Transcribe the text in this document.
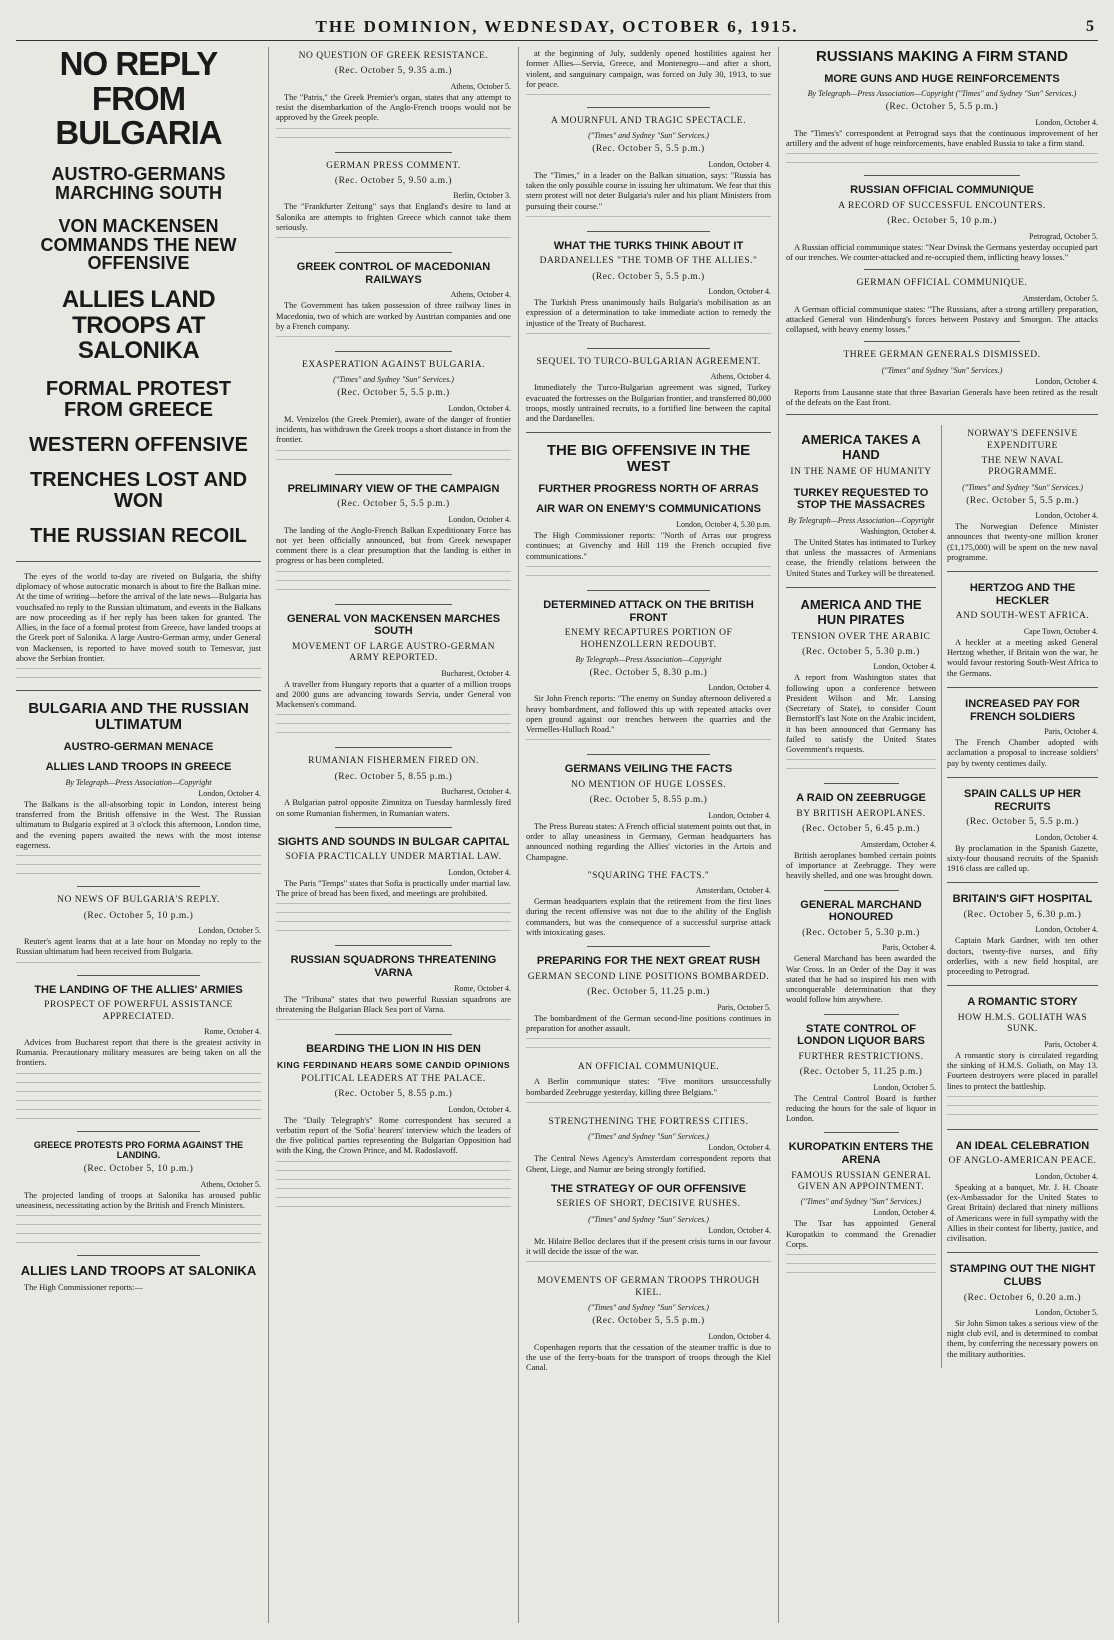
THE DOMINION, WEDNESDAY, OCTOBER 6, 1915.	5
NO REPLY FROM BULGARIA
AUSTRO-GERMANS MARCHING SOUTH
VON MACKENSEN COMMANDS THE NEW OFFENSIVE
ALLIES LAND TROOPS AT SALONIKA
FORMAL PROTEST FROM GREECE
WESTERN OFFENSIVE
TRENCHES LOST AND WON
THE RUSSIAN RECOIL

The eyes of the world to-day are riveted on Bulgaria, the shifty diplomacy of whose autocratic monarch is about to fire the Balkan mine. At the time of writing—before the arrival of the late news—Bulgaria has vouchsafed no reply to the Russian ultimatum, and events in the Balkans are now proceeding as if her reply has been taken for granted. The Allies, in the face of a formal protest from Greece, have landed troops at the Greek port of Salonika. A large Austro-German army, under General von Mackensen, is reported to have moved south to Temesvar, just above the Serbian frontier.

BULGARIA AND THE RUSSIAN ULTIMATUM
AUSTRO-GERMAN MENACE
ALLIES LAND TROOPS IN GREECE
By Telegraph—Press Association—Copyright
London, October 4.

The Balkans is the all-absorbing topic in London, interest being transferred from the British offensive in the West. The Russian ultimatum to Bulgaria expired at 3 o'clock this afternoon, London time, and the evening papers awaited the news with the most intense eagerness.

NO NEWS OF BULGARIA'S REPLY.
(Rec. October 5, 10 p.m.)
London, October 5.

Reuter's agent learns that at a late hour on Monday no reply to the Russian ultimatum had been received from Bulgaria.

THE LANDING OF THE ALLIES' ARMIES
PROSPECT OF POWERFUL ASSISTANCE APPRECIATED.
Rome, October 4.

Advices from Bucharest report that there is the greatest activity in Rumania. Precautionary military measures are being taken on all the frontiers.

GREECE PROTESTS PRO FORMA AGAINST THE LANDING.
(Rec. October 5, 10 p.m.)
Athens, October 5.

The projected landing of troops at Salonika has aroused public uneasiness, necessitating action by the British and French Ministers.

ALLIES LAND TROOPS AT SALONIKA

The High Commissioner reports:—

NO QUESTION OF GREEK RESISTANCE.
(Rec. October 5, 9.35 a.m.)
Athens, October 5.

The "Patris," the Greek Premier's organ, states that any attempt to resist the disembarkation of the Anglo-French troops would not be approved by the Greek people.

GERMAN PRESS COMMENT.
(Rec. October 5, 9.50 a.m.)
Berlin, October 3.

The "Frankfurter Zeitung" says that England's desire to land at Salonika are attempts to frighten Greece which cannot take them seriously.

GREEK CONTROL OF MACEDONIAN RAILWAYS
Athens, October 4.

The Government has taken possession of three railway lines in Macedonia, two of which are worked by Austrian companies and one by a French company.

EXASPERATION AGAINST BULGARIA.
("Times" and Sydney "Sun" Services.)
(Rec. October 5, 5.5 p.m.)
London, October 4.

M. Venizelos (the Greek Premier), aware of the danger of frontier incidents, has withdrawn the Greek troops a short distance in from the frontier.

PRELIMINARY VIEW OF THE CAMPAIGN
(Rec. October 5, 5.5 p.m.)
London, October 4.

The landing of the Anglo-French Balkan Expeditionary Force has not yet been officially announced, but from Greek newspaper comment there is a clear presumption that the landing is either in progress or has been completed.

GENERAL VON MACKENSEN MARCHES SOUTH
MOVEMENT OF LARGE AUSTRO-GERMAN ARMY REPORTED.
Bucharest, October 4.

A traveller from Hungary reports that a quarter of a million troops and 2000 guns are advancing towards Servia, under General von Mackensen's command.

RUMANIAN FISHERMEN FIRED ON.
(Rec. October 5, 8.55 p.m.)
Bucharest, October 4.

A Bulgarian patrol opposite Zimnitza on Tuesday harmlessly fired on some Rumanian fishermen, in Rumanian waters.

SIGHTS AND SOUNDS IN BULGAR CAPITAL
SOFIA PRACTICALLY UNDER MARTIAL LAW.
London, October 4.

The Paris "Temps" states that Sofia is practically under martial law. The price of bread has been fixed, and meetings are prohibited.

RUSSIAN SQUADRONS THREATENING VARNA
Rome, October 4.

The "Tribuna" states that two powerful Russian squadrons are threatening the Bulgarian Black Sea port of Varna.

BEARDING THE LION IN HIS DEN
KING FERDINAND HEARS SOME CANDID OPINIONS
POLITICAL LEADERS AT THE PALACE.
(Rec. October 5, 8.55 p.m.)
London, October 4.

The "Daily Telegraph's" Rome correspondent has secured a verbatim report of the 'Sofia' hearers' interview which the leaders of the five political parties representing the Bulgarian Opposition had with the King, the Crown Prince, and M. Radoslavoff.

at the beginning of July, suddenly opened hostilities against her former Allies—Servia, Greece, and Montenegro—and after a short, violent, and sanguinary campaign, was forced on July 30, 1913, to sue for peace.

A MOURNFUL AND TRAGIC SPECTACLE.
("Times" and Sydney "Sun" Services.)
(Rec. October 5, 5.5 p.m.)
London, October 4.

The "Times," in a leader on the Balkan situation, says: "Russia has taken the only possible course in issuing her ultimatum. We fear that this stern protest will not deter Bulgaria's ruler and his pliant Ministers from pursuing their course."

WHAT THE TURKS THINK ABOUT IT
DARDANELLES "THE TOMB OF THE ALLIES."
(Rec. October 5, 5.5 p.m.)
London, October 4.

The Turkish Press unanimously hails Bulgaria's mobilisation as an expression of a determination to take immediate action to remedy the injustice of the Treaty of Bucharest.

SEQUEL TO TURCO-BULGARIAN AGREEMENT.
Athens, October 4.

Immediately the Turco-Bulgarian agreement was signed, Turkey evacuated the fortresses on the Bulgarian frontier, and transferred 80,000 troops, mostly untrained recruits, to a fortified line between the capital and the Dardanelles.

THE BIG OFFENSIVE IN THE WEST
FURTHER PROGRESS NORTH OF ARRAS
AIR WAR ON ENEMY'S COMMUNICATIONS
London, October 4, 5.30 p.m.

The High Commissioner reports: "North of Arras our progress continues; at Givenchy and Hill 119 the French occupied five communications."

DETERMINED ATTACK ON THE BRITISH FRONT
ENEMY RECAPTURES PORTION OF HOHENZOLLERN REDOUBT.
By Telegraph—Press Association—Copyright
(Rec. October 5, 8.30 p.m.)
London, October 4.

Sir John French reports: "The enemy on Sunday afternoon delivered a heavy bombardment, and followed this up with repeated attacks over open ground against our trenches between the quarries and the Vermelles-Hulluch Road."

GERMANS VEILING THE FACTS
NO MENTION OF HUGE LOSSES.
(Rec. October 5, 8.55 p.m.)
London, October 4.

The Press Bureau states: A French official statement points out that, in order to allay uneasiness in Germany, German headquarters has announced nothing regarding the Allies' victories in the Artois and Champagne.

"SQUARING THE FACTS."
Amsterdam, October 4.

German headquarters explain that the retirement from the first lines during the recent offensive was not due to the ability of the English commanders, but was the consequence of a successful surprise attack with intoxicating gases.

PREPARING FOR THE NEXT GREAT RUSH
GERMAN SECOND LINE POSITIONS BOMBARDED.
(Rec. October 5, 11.25 p.m.)
Paris, October 5.

The bombardment of the German second-line positions continues in preparation for another assault.

AN OFFICIAL COMMUNIQUE.

A Berlin communique states: "Five monitors unsuccessfully bombarded Zeebrugge yesterday, killing three Belgians."

STRENGTHENING THE FORTRESS CITIES.
("Times" and Sydney "Sun" Services.)
London, October 4.

The Central News Agency's Amsterdam correspondent reports that Ghent, Liege, and Namur are being strongly fortified.

THE STRATEGY OF OUR OFFENSIVE
SERIES OF SHORT, DECISIVE RUSHES.
("Times" and Sydney "Sun" Services.)
London, October 4.

Mr. Hilaire Belloc declares that if the present crisis turns in our favour it will decide the issue of the war.

MOVEMENTS OF GERMAN TROOPS THROUGH KIEL.
("Times" and Sydney "Sun" Services.)
(Rec. October 5, 5.5 p.m.)
London, October 4.

Copenhagen reports that the cessation of the steamer traffic is due to the use of the ferry-boats for the transport of troops through the Kiel Canal.

RUSSIANS MAKING A FIRM STAND
MORE GUNS AND HUGE REINFORCEMENTS
By Telegraph—Press Association—Copyright ("Times" and Sydney "Sun" Services.)
(Rec. October 5, 5.5 p.m.)
London, October 4.

The "Times's" correspondent at Petrograd says that the continuous improvement of her artillery and the advent of huge reinforcements, have enabled Russia to take a firm stand.

RUSSIAN OFFICIAL COMMUNIQUE
A RECORD OF SUCCESSFUL ENCOUNTERS.
(Rec. October 5, 10 p.m.)
Petrograd, October 5.

A Russian official communique states: "Near Dvinsk the Germans yesterday occupied part of our trenches. We counter-attacked and re-occupied them, inflicting heavy losses."

GERMAN OFFICIAL COMMUNIQUE.
Amsterdam, October 5.

A German official communique states: "The Russians, after a strong artillery preparation, attacked General von Hindenburg's forces between Postavy and Smorgon. The attacks collapsed, with heavy enemy losses."

THREE GERMAN GENERALS DISMISSED.
("Times" and Sydney "Sun" Services.)
London, October 4.

Reports from Lausanne state that three Bavarian Generals have been retired as the result of the defeats on the East front.

AMERICA TAKES A HAND
IN THE NAME OF HUMANITY
TURKEY REQUESTED TO STOP THE MASSACRES
By Telegraph—Press Association—Copyright
Washington, October 4.

The United States has intimated to Turkey that unless the massacres of Armenians cease, the friendly relations between the United States and Turkey will be threatened.

AMERICA AND THE HUN PIRATES
TENSION OVER THE ARABIC
(Rec. October 5, 5.30 p.m.)
London, October 4.

A report from Washington states that following upon a conference between President Wilson and Mr. Lansing (Secretary of State), to consider Count Bernstorff's last Note on the Arabic incident, it has been announced that Germany has failed to satisfy the United States Government's requests.

A RAID ON ZEEBRUGGE
BY BRITISH AEROPLANES.
(Rec. October 5, 6.45 p.m.)
Amsterdam, October 4.

British aeroplanes bombed certain points of importance at Zeebrugge. They were heavily shelled, and one was brought down.

GENERAL MARCHAND HONOURED
(Rec. October 5, 5.30 p.m.)
Paris, October 4.

General Marchand has been awarded the War Cross. In an Order of the Day it was stated that he had so inspired his men with unconquerable determination that they would follow him anywhere.

STATE CONTROL OF LONDON LIQUOR BARS
FURTHER RESTRICTIONS.
(Rec. October 5, 11.25 p.m.)
London, October 5.

The Central Control Board is further reducing the hours for the sale of liquor in London.

KUROPATKIN ENTERS THE ARENA
FAMOUS RUSSIAN GENERAL GIVEN AN APPOINTMENT.
("Times" and Sydney "Sun" Services.)
London, October 4.

The Tsar has appointed General Kuropatkin to command the Grenadier Corps.

NORWAY'S DEFENSIVE EXPENDITURE
THE NEW NAVAL PROGRAMME.
("Times" and Sydney "Sun" Services.)
(Rec. October 5, 5.5 p.m.)
London, October 4.

The Norwegian Defence Minister announces that twenty-one million kroner (£1,175,000) will be spent on the new naval programme.

HERTZOG AND THE HECKLER
AND SOUTH-WEST AFRICA.
Cape Town, October 4.

A heckler at a meeting asked General Hertzog whether, if Britain won the war, he would favour restoring South-West Africa to the Germans.

INCREASED PAY FOR FRENCH SOLDIERS
Paris, October 4.

The French Chamber adopted with acclamation a proposal to increase soldiers' pay by twenty centimes daily.

SPAIN CALLS UP HER RECRUITS
(Rec. October 5, 5.5 p.m.)
London, October 4.

By proclamation in the Spanish Gazette, sixty-four thousand recruits of the Spanish 1916 class are called up.

BRITAIN'S GIFT HOSPITAL
(Rec. October 5, 6.30 p.m.)
London, October 4.

Captain Mark Gardner, with ten other doctors, twenty-five nurses, and fifty orderlies, with a new field hospital, are proceeding to Petrograd.

A ROMANTIC STORY
HOW H.M.S. GOLIATH WAS SUNK.
Paris, October 4.

A romantic story is circulated regarding the sinking of H.M.S. Goliath, on May 13. Fourteen destroyers were placed in parallel lines to protect the battleship.

AN IDEAL CELEBRATION
OF ANGLO-AMERICAN PEACE.
London, October 4.

Speaking at a banquet, Mr. J. H. Choate (ex-Ambassador for the United States to Great Britain) declared that ninety millions of Americans were in full sympathy with the Allies in their contest for liberty, justice, and civilisation.

STAMPING OUT THE NIGHT CLUBS
(Rec. October 6, 0.20 a.m.)
London, October 5.

Sir John Simon takes a serious view of the night club evil, and is determined to combat them, by conferring the necessary powers on the military authorities.
